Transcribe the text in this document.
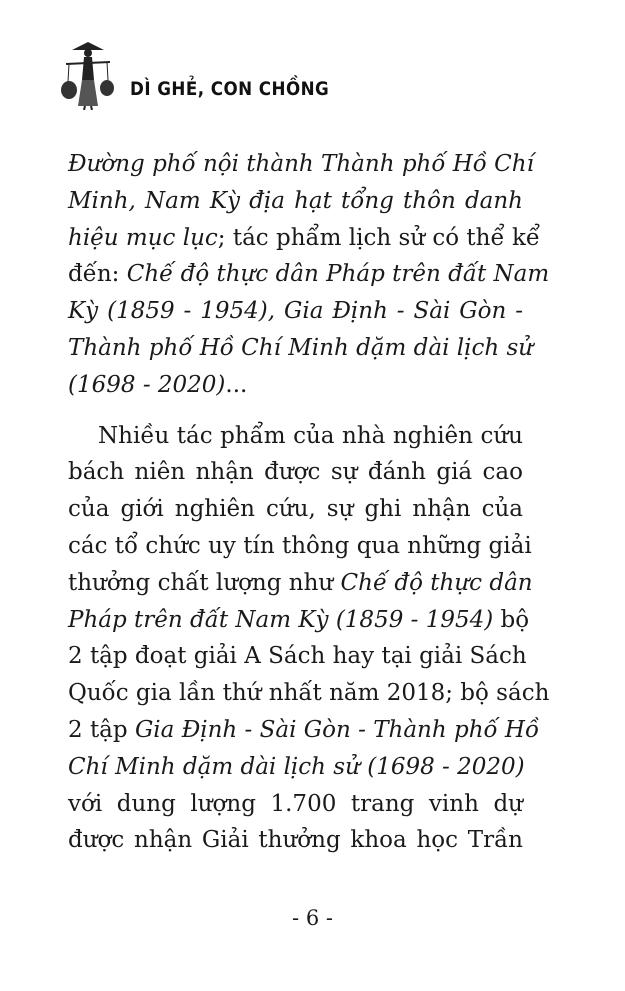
DÌ GHẺ, CON CHỒNG
Đường phố nội thành Thành phố Hồ Chí
Minh, Nam Kỳ địa hạt tổng thôn danh
hiệu mục lục; tác phẩm lịch sử có thể kể
đến: Chế độ thực dân Pháp trên đất Nam
Kỳ (1859 - 1954), Gia Định - Sài Gòn -
Thành phố Hồ Chí Minh dặm dài lịch sử
(1698 - 2020)...
Nhiều tác phẩm của nhà nghiên cứu
bách niên nhận được sự đánh giá cao
của giới nghiên cứu, sự ghi nhận của
các tổ chức uy tín thông qua những giải
thưởng chất lượng như Chế độ thực dân
Pháp trên đất Nam Kỳ (1859 - 1954) bộ
2 tập đoạt giải A Sách hay tại giải Sách
Quốc gia lần thứ nhất năm 2018; bộ sách
2 tập Gia Định - Sài Gòn - Thành phố Hồ
Chí Minh dặm dài lịch sử (1698 - 2020)
với dung lượng 1.700 trang vinh dự
được nhận Giải thưởng khoa học Trần
- 6 -
